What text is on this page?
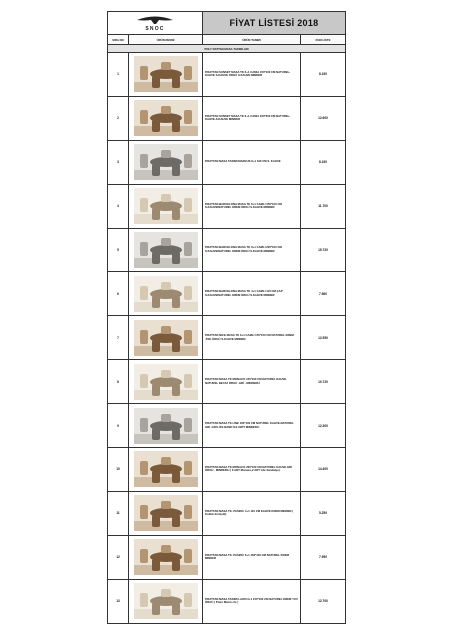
SNOC		FİYAT LİSTESİ 2018	
SIRA NO	ÜRÜN RESMİ	ÜRÜN TANIMI	2018 LİSTE
POLY RATTAN MASA TAKIMLARI			
1		P.RATTAN SUNSET MASA TK 6+1 CAMLI 150*100 CM NATUREL-KAHVE S.KAHVE ÖRGÜ S.KAHVE MINDER	8.190
2		P.RATTAN SUNSET MASA TK 6+1 CAMLI 160*200 CM NATUREL-KAHVE-S.KAHVE MINDER	12.600
3		P.RATTAN MASA TAKIMI MARCUS 6+1 190 CM S. KAHVE	8.190
4		P.RATTAN BARCELONA MASA TK 6+1 CAMLI 150*100 CM S.KAHVE/NATUREL KREM ÖRGÜ S.KAHVE MINDER	11.700
5		P.RATTAN BARCELONA MASA TK 6+1 CAMLI 220*100 CM S.KAHVE/NATUREL KREM ÖRGÜ S.KAHVE MINDER	15.720
6		P.RATTAN BARCELONA MASA TK 4+1 CAMLI 110 CM ÇAP S.KAHVE/NATUREL KREM ÖRGÜ S.KAHVE MINDER	7.560
7		P.RATTAN NICE MASA TK 6+1 CAMLI 150*150 CM NATUREL-KREM ,TEK ÖRGÜ S.KAHVE MINDER	12.550
8		P.RATTAN MASA TK MONACO 150*100 CM NATUREL KAHVE-NATUREL BEYAZ ÖRGÜ -GRİ - MINDERLİ	10.720
9		P.RATTAN MASA TK LİNE 160*100 CM NATUREL KAHVE-NATUREL GRİ -GRİ LİFE BAND İLE GRİT MINDERLİ	12.300
10		P.RATTAN MASA TK MONACO 220*100 CM NATUREL KAHVE-GRİ ÖRGÜ - MINDERLİ ( 6 ADT Monaco,2 ADT Life Sandalye)	14.400
11		P.RATTAN MASA TK. PASIFIC 4+1 110 CM KAHVE KREM MINDER ( Koltuk dönüşlü)	5.250
12		P.RATTAN MASA TK. PASIFIC 6+1 160*100 CM NATUREL KREM MINDER	7.950
13		P.RATTAN MASA TAKIMI LAZIO 6+1 150*100 CM NATUREL KREM YUV ÖRGÜ ( 6'lıen Marios ile )	12.700
